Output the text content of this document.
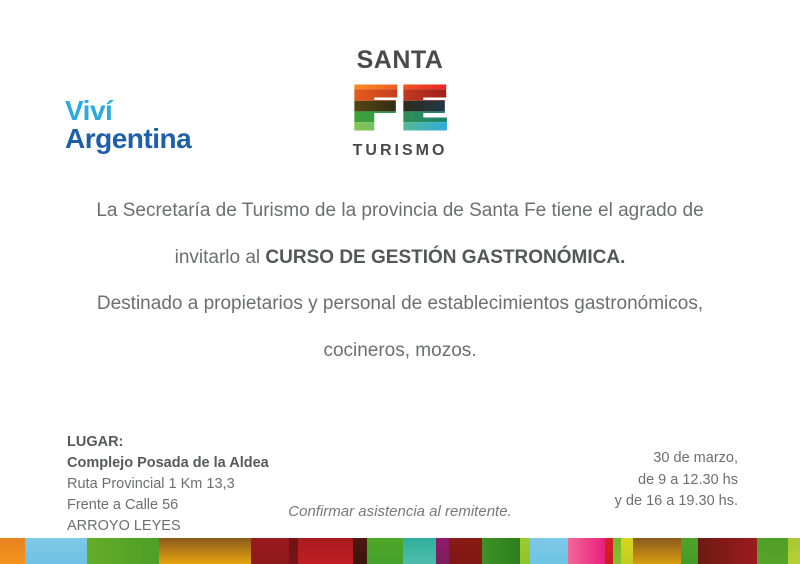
Viví
Argentina
SANTA
TURISMO
La Secretaría de Turismo de la provincia de Santa Fe tiene el agrado de
invitarlo al CURSO DE GESTIÓN GASTRONÓMICA.
Destinado a propietarios y personal de establecimientos gastronómicos,
cocineros, mozos.
LUGAR:
Complejo Posada de la Aldea
Ruta Provincial 1 Km 13,3
Frente a Calle 56
ARROYO LEYES
30 de marzo,
de 9 a 12.30 hs
y de 16 a 19.30 hs.
Confirmar asistencia al remitente.
